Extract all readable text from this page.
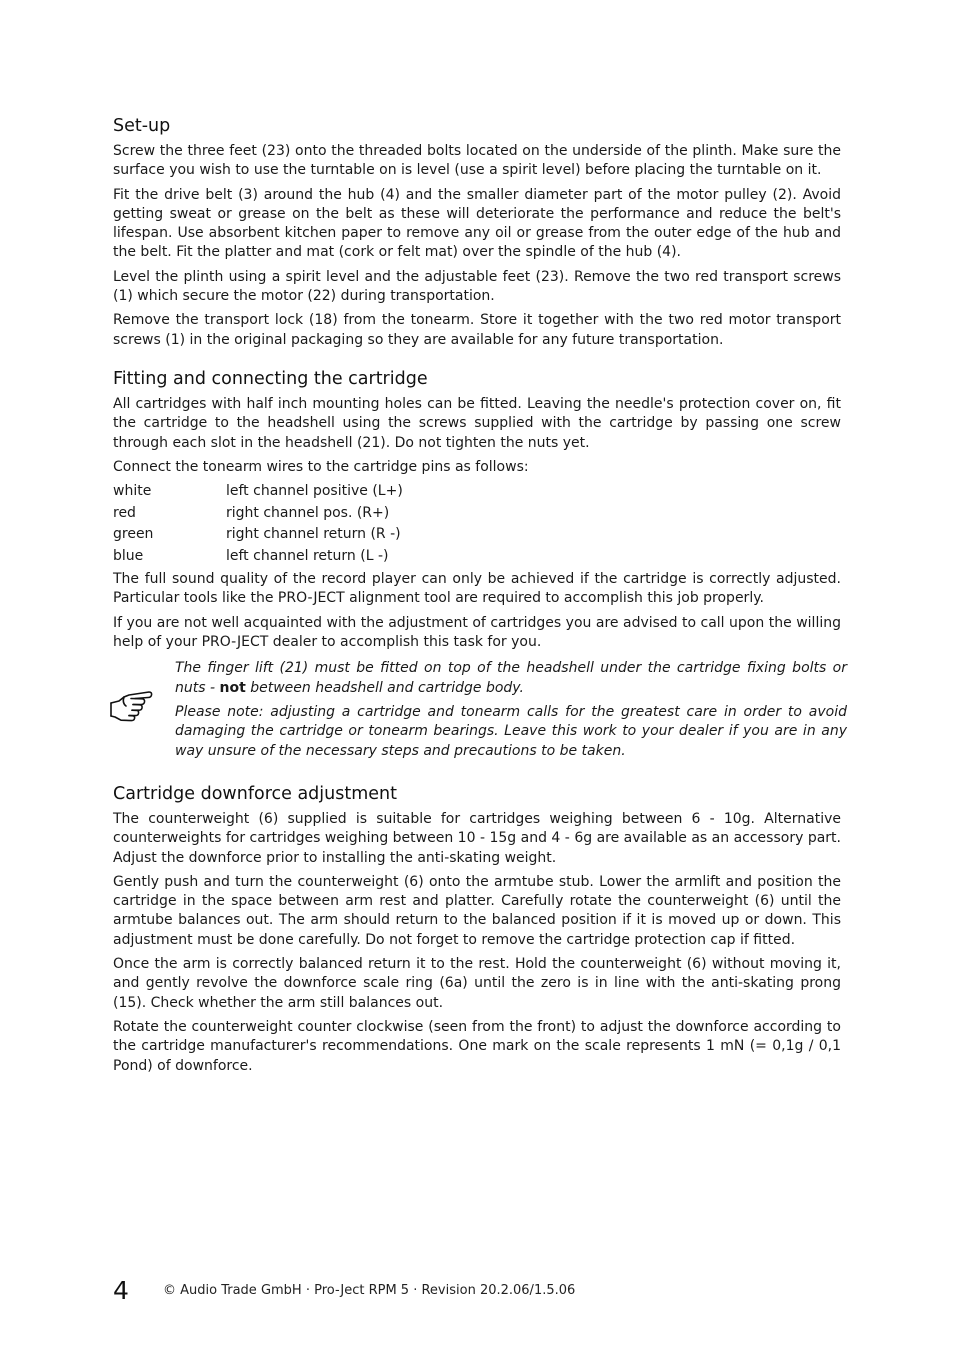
Set-up

Screw the three feet (23) onto the threaded bolts located on the underside of the plinth. Make sure the surface you wish to use the turntable on is level (use a spirit level) before placing the turntable on it.

Fit the drive belt (3) around the hub (4) and the smaller diameter part of the motor pulley (2). Avoid getting sweat or grease on the belt as these will deteriorate the performance and reduce the belt's lifespan. Use absorbent kitchen paper to remove any oil or grease from the outer edge of the hub and the belt. Fit the platter and mat (cork or felt mat) over the spindle of the hub (4).

Level the plinth using a spirit level and the adjustable feet (23). Remove the two red transport screws (1) which secure the motor (22) during transportation.

Remove the transport lock (18) from the tonearm. Store it together with the two red motor transport screws (1) in the original packaging so they are available for any future transportation.

Fitting and connecting the cartridge

All cartridges with half inch mounting holes can be fitted. Leaving the needle's protection cover on, fit the cartridge to the headshell using the screws supplied with the cartridge by passing one screw through each slot in the headshell (21). Do not tighten the nuts yet.

Connect the tonearm wires to the cartridge pins as follows:

white	left channel positive (L+)
red	right channel pos. (R+)
green	right channel return (R -)
blue	left channel return (L -)

The full sound quality of the record player can only be achieved if the cartridge is correctly adjusted. Particular tools like the PRO-JECT alignment tool are required to accomplish this job properly.

If you are not well acquainted with the adjustment of cartridges you are advised to call upon the willing help of your PRO-JECT dealer to accomplish this task for you.

The finger lift (21) must be fitted on top of the headshell under the cartridge fixing bolts or nuts - not between headshell and cartridge body.

Please note: adjusting a cartridge and tonearm calls for the greatest care in order to avoid damaging the cartridge or tonearm bearings. Leave this work to your dealer if you are in any way unsure of the necessary steps and precautions to be taken.

Cartridge downforce adjustment

The counterweight (6) supplied is suitable for cartridges weighing between 6 - 10g. Alternative counterweights for cartridges weighing between 10 - 15g and 4 - 6g are available as an accessory part. Adjust the downforce prior to installing the anti-skating weight.

Gently push and turn the counterweight (6) onto the armtube stub. Lower the armlift and position the cartridge in the space between arm rest and platter. Carefully rotate the counterweight (6) until the armtube balances out. The arm should return to the balanced position if it is moved up or down. This adjustment must be done carefully. Do not forget to remove the cartridge protection cap if fitted.

Once the arm is correctly balanced return it to the rest. Hold the counterweight (6) without moving it, and gently revolve the downforce scale ring (6a) until the zero is in line with the anti-skating prong (15). Check whether the arm still balances out.

Rotate the counterweight counter clockwise (seen from the front) to adjust the downforce according to the cartridge manufacturer's recommendations. One mark on the scale represents 1 mN (= 0,1g / 0,1 Pond) of downforce.

4	© Audio Trade GmbH · Pro-Ject RPM 5 · Revision 20.2.06/1.5.06
